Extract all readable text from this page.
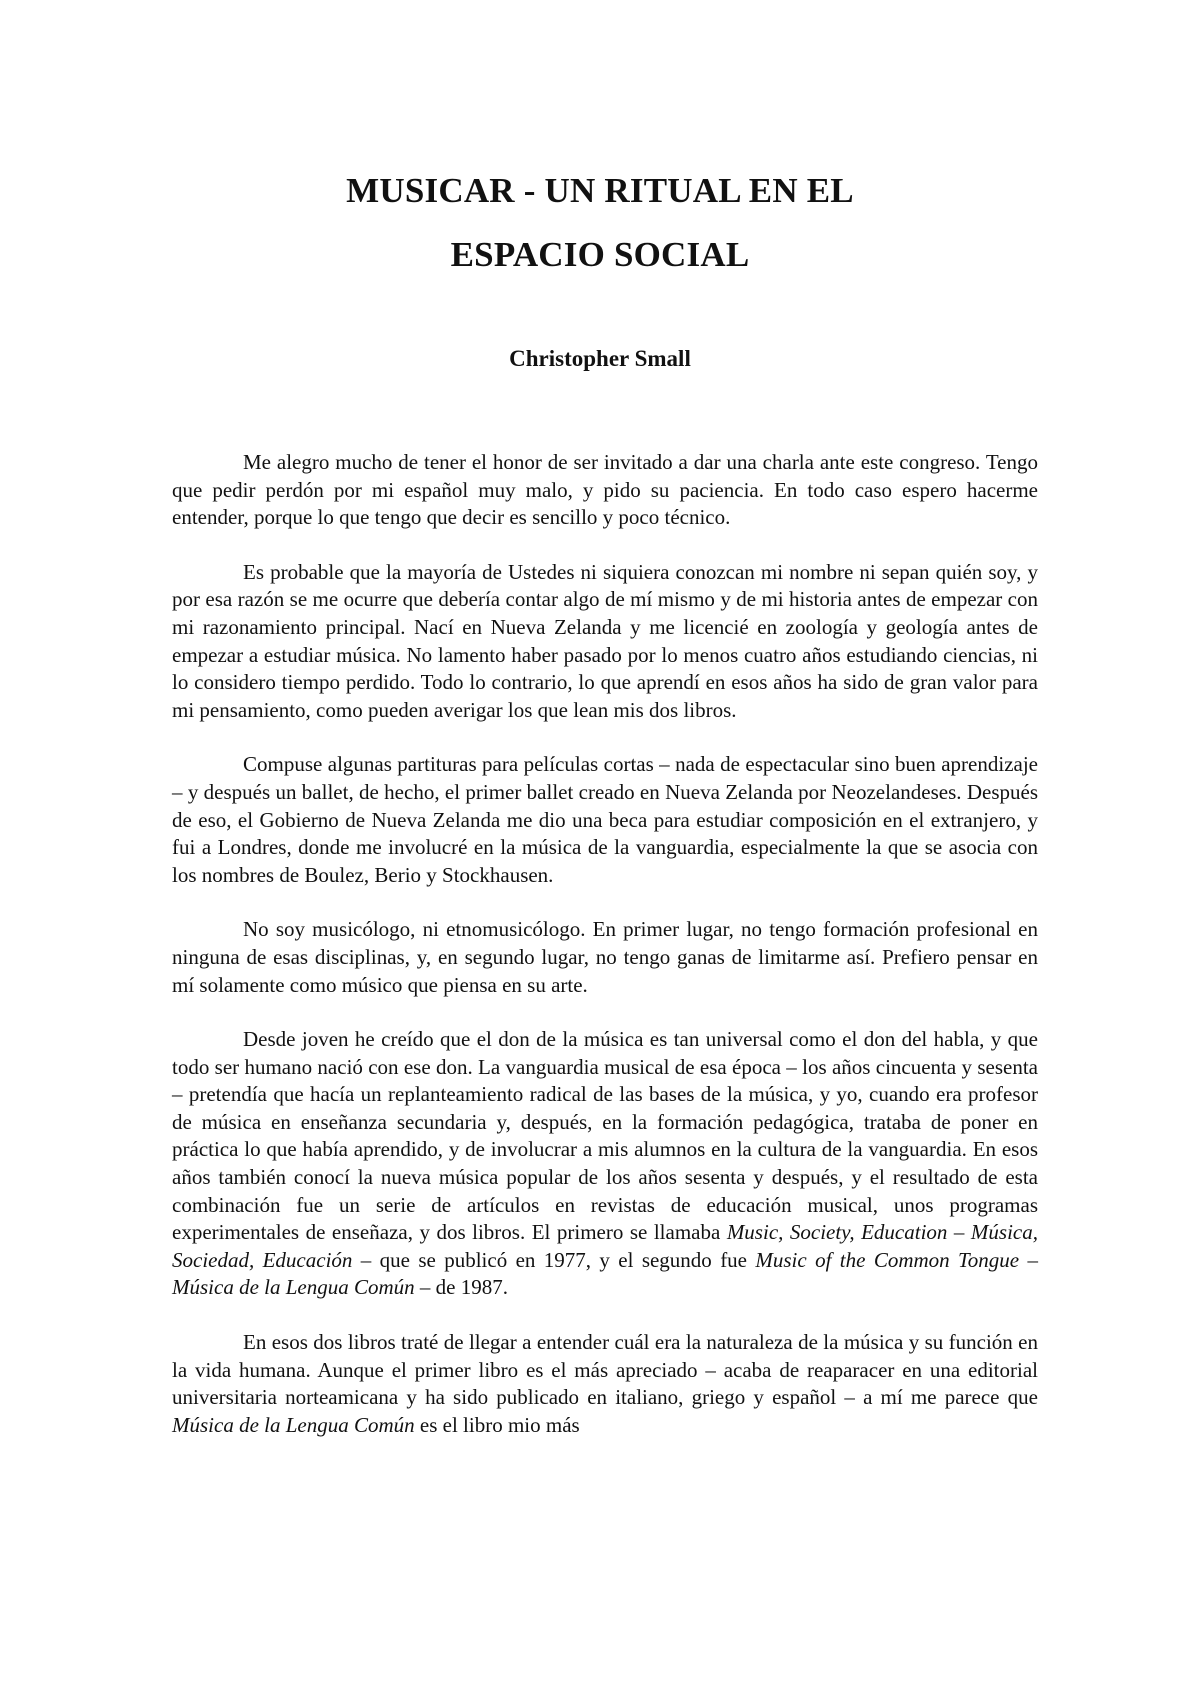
MUSICAR - UN RITUAL EN EL
ESPACIO SOCIAL
Christopher Small

Me alegro mucho de tener el honor de ser invitado a dar una charla ante este congreso. Tengo que pedir perdón por mi español muy malo, y pido su paciencia. En todo caso espero hacerme entender, porque lo que tengo que decir es sencillo y poco técnico.

Es probable que la mayoría de Ustedes ni siquiera conozcan mi nombre ni sepan quién soy, y por esa razón se me ocurre que debería contar algo de mí mismo y de mi historia antes de empezar con mi razonamiento principal. Nací en Nueva Zelanda y me licencié en zoología y geología antes de empezar a estudiar música. No lamento haber pasado por lo menos cuatro años estudiando ciencias, ni lo considero tiempo perdido. Todo lo contrario, lo que aprendí en esos años ha sido de gran valor para mi pensamiento, como pueden averigar los que lean mis dos libros.

Compuse algunas partituras para películas cortas – nada de espectacular sino buen aprendizaje – y después un ballet, de hecho, el primer ballet creado en Nueva Zelanda por Neozelandeses. Después de eso, el Gobierno de Nueva Zelanda me dio una beca para estudiar composición en el extranjero, y fui a Londres, donde me involucré en la música de la vanguardia, especialmente la que se asocia con los nombres de Boulez, Berio y Stockhausen.

No soy musicólogo, ni etnomusicólogo. En primer lugar, no tengo formación profesional en ninguna de esas disciplinas, y, en segundo lugar, no tengo ganas de limitarme así. Prefiero pensar en mí solamente como músico que piensa en su arte.

Desde joven he creído que el don de la música es tan universal como el don del habla, y que todo ser humano nació con ese don. La vanguardia musical de esa época – los años cincuenta y sesenta – pretendía que hacía un replanteamiento radical de las bases de la música, y yo, cuando era profesor de música en enseñanza secundaria y, después, en la formación pedagógica, trataba de poner en práctica lo que había aprendido, y de involucrar a mis alumnos en la cultura de la vanguardia. En esos años también conocí la nueva música popular de los años sesenta y después, y el resultado de esta combinación fue un serie de artículos en revistas de educación musical, unos programas experimentales de enseñaza, y dos libros. El primero se llamaba Music, Society, Education – Música, Sociedad, Educación – que se publicó en 1977, y el segundo fue Music of the Common Tongue – Música de la Lengua Común – de 1987.

En esos dos libros traté de llegar a entender cuál era la naturaleza de la música y su función en la vida humana. Aunque el primer libro es el más apreciado – acaba de reaparacer en una editorial universitaria norteamicana y ha sido publicado en italiano, griego y español – a mí me parece que Música de la Lengua Común es el libro mio más
